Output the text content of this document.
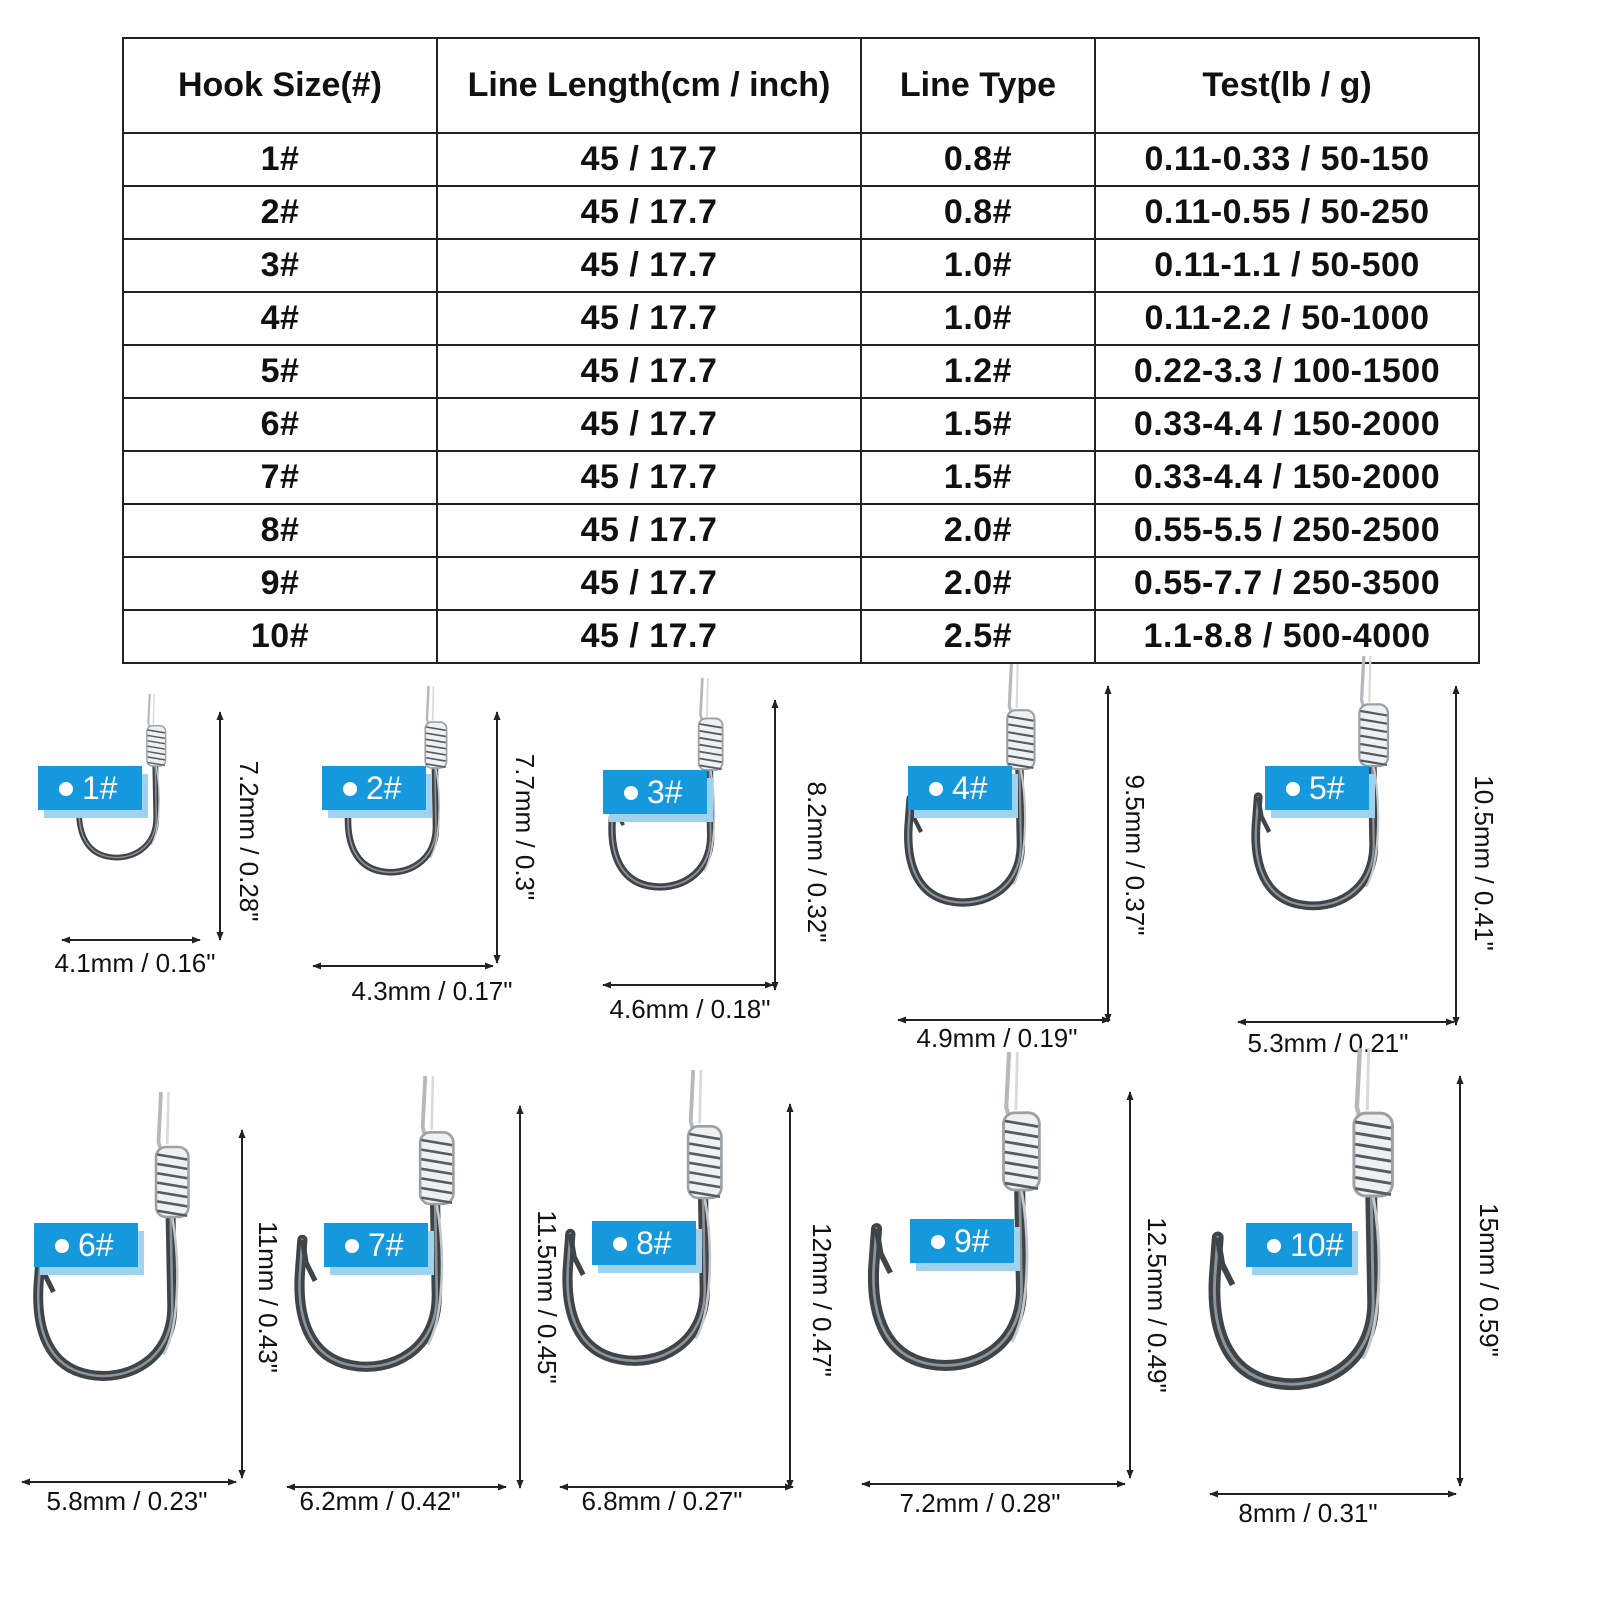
Hook Size(#)	Line Length(cm / inch)	Line Type	Test(lb / g)
1#	45 / 17.7	0.8#	0.11-0.33 / 50-150
2#	45 / 17.7	0.8#	0.11-0.55 / 50-250
3#	45 / 17.7	1.0#	0.11-1.1 / 50-500
4#	45 / 17.7	1.0#	0.11-2.2 / 50-1000
5#	45 / 17.7	1.2#	0.22-3.3 / 100-1500
6#	45 / 17.7	1.5#	0.33-4.4 / 150-2000
7#	45 / 17.7	1.5#	0.33-4.4 / 150-2000
8#	45 / 17.7	2.0#	0.55-5.5 / 250-2500
9#	45 / 17.7	2.0#	0.55-7.7 / 250-3500
10#	45 / 17.7	2.5#	1.1-8.8 / 500-4000
1#	7.2mm / 0.28"
4.1mm / 0.16"
2#	7.7mm / 0.3"
4.3mm / 0.17"
3#	8.2mm / 0.32"
4.6mm / 0.18"
4#	9.5mm / 0.37"
4.9mm / 0.19"
5#	10.5mm / 0.41"
5.3mm / 0.21"
6#	11mm / 0.43"
5.8mm / 0.23"
7#	11.5mm / 0.45"
6.2mm / 0.42"
8#	12mm / 0.47"
6.8mm / 0.27"
9#	12.5mm / 0.49"
7.2mm / 0.28"
10#	15mm / 0.59"
8mm / 0.31"
